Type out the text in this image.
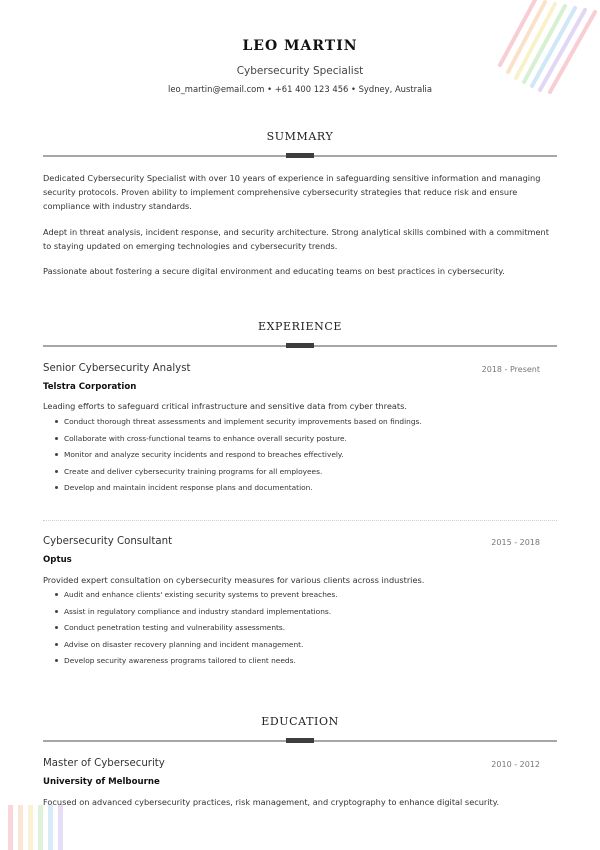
LEO MARTIN
Cybersecurity Specialist
leo_martin@email.com • +61 400 123 456 • Sydney, Australia
SUMMARY
Dedicated Cybersecurity Specialist with over 10 years of experience in safeguarding sensitive information and managing security protocols. Proven ability to implement comprehensive cybersecurity strategies that reduce risk and ensure compliance with industry standards.
Adept in threat analysis, incident response, and security architecture. Strong analytical skills combined with a commitment to staying updated on emerging technologies and cybersecurity trends.
Passionate about fostering a secure digital environment and educating teams on best practices in cybersecurity.
EXPERIENCE
Senior Cybersecurity Analyst	2018 - Present
Telstra Corporation
Leading efforts to safeguard critical infrastructure and sensitive data from cyber threats.
Conduct thorough threat assessments and implement security improvements based on findings.
Collaborate with cross-functional teams to enhance overall security posture.
Monitor and analyze security incidents and respond to breaches effectively.
Create and deliver cybersecurity training programs for all employees.
Develop and maintain incident response plans and documentation.
Cybersecurity Consultant	2015 - 2018
Optus
Provided expert consultation on cybersecurity measures for various clients across industries.
Audit and enhance clients' existing security systems to prevent breaches.
Assist in regulatory compliance and industry standard implementations.
Conduct penetration testing and vulnerability assessments.
Advise on disaster recovery planning and incident management.
Develop security awareness programs tailored to client needs.
EDUCATION
Master of Cybersecurity	2010 - 2012
University of Melbourne
Focused on advanced cybersecurity practices, risk management, and cryptography to enhance digital security.
